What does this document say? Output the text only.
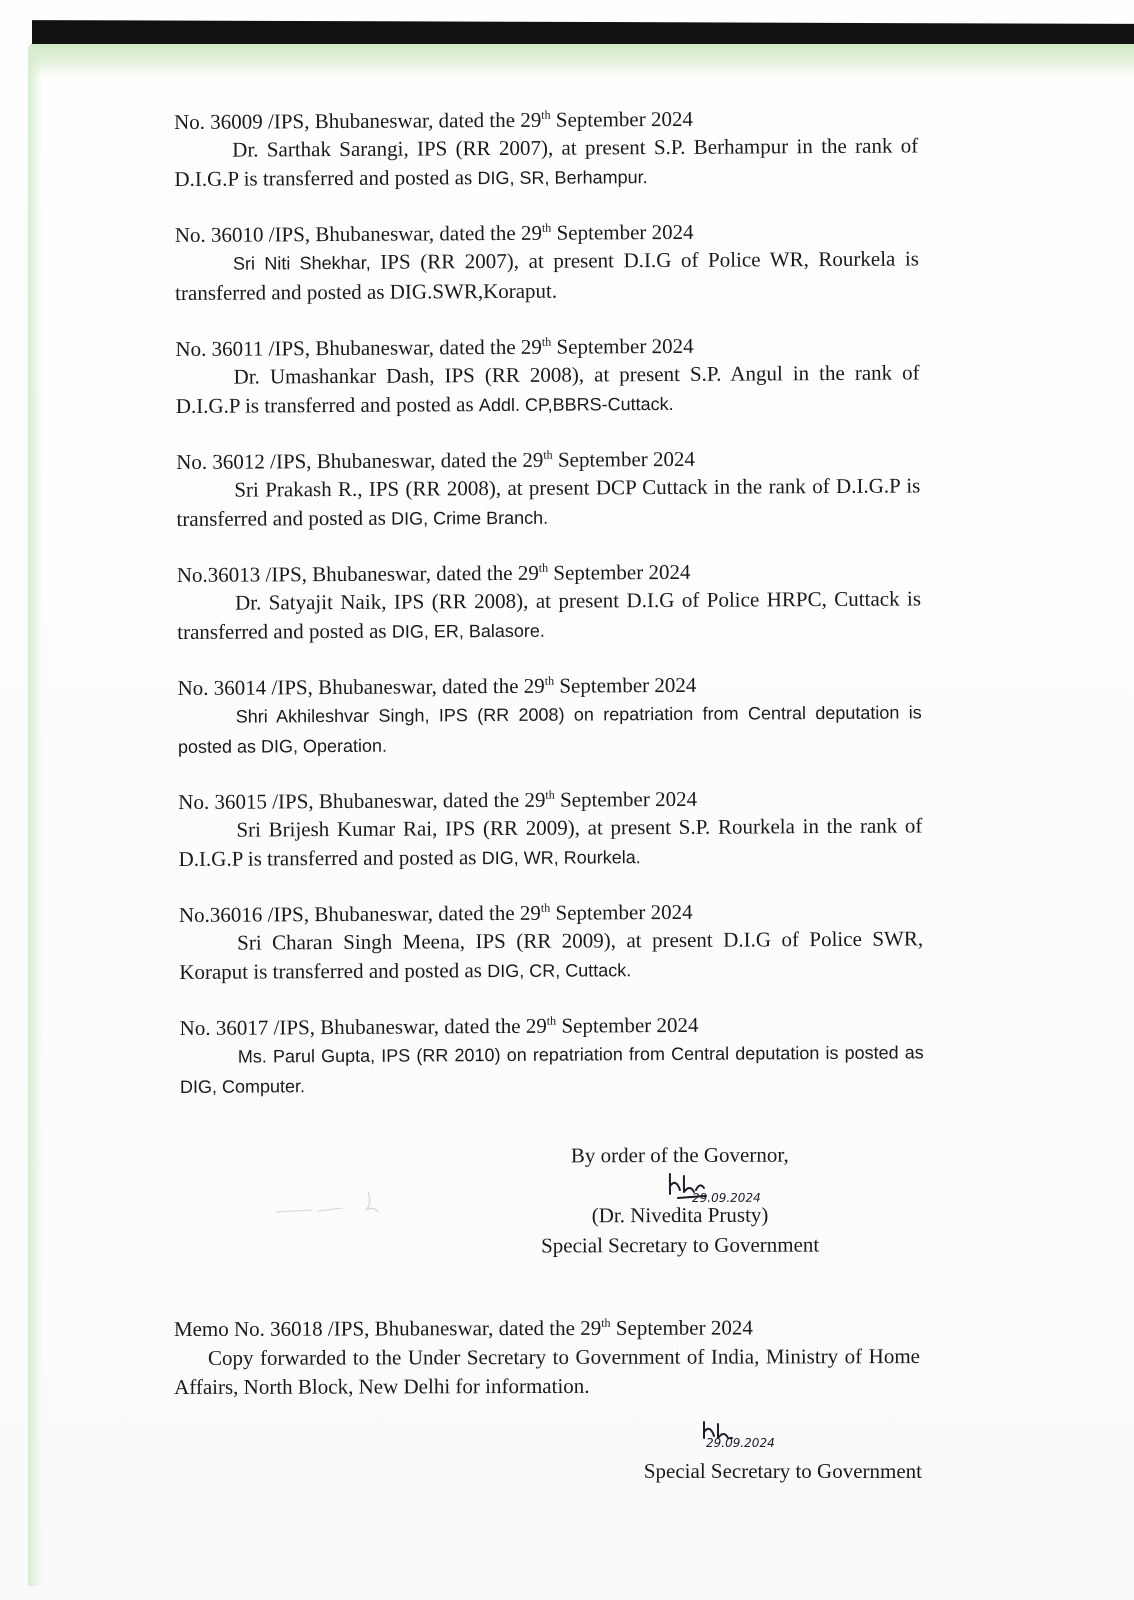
No. 36009 /IPS, Bhubaneswar, dated the 29th September 2024
Dr. Sarthak Sarangi, IPS (RR 2007), at present S.P. Berhampur in the rank of D.I.G.P is transferred and posted as DIG, SR, Berhampur.
No. 36010 /IPS, Bhubaneswar, dated the 29th September 2024
Sri Niti Shekhar, IPS (RR 2007), at present D.I.G of Police WR, Rourkela is transferred and posted as DIG.SWR,Koraput.
No. 36011 /IPS, Bhubaneswar, dated the 29th September 2024
Dr. Umashankar Dash, IPS (RR 2008), at present S.P. Angul in the rank of D.I.G.P is transferred and posted as Addl. CP,BBRS-Cuttack.
No. 36012 /IPS, Bhubaneswar, dated the 29th September 2024
Sri Prakash R., IPS (RR 2008), at present DCP Cuttack in the rank of D.I.G.P is transferred and posted as DIG, Crime Branch.
No.36013 /IPS, Bhubaneswar, dated the 29th September 2024
Dr. Satyajit Naik, IPS (RR 2008), at present D.I.G of Police HRPC, Cuttack is transferred and posted as DIG, ER, Balasore.
No. 36014 /IPS, Bhubaneswar, dated the 29th September 2024
Shri Akhileshvar Singh, IPS (RR 2008) on repatriation from Central deputation is posted as DIG, Operation.
No. 36015 /IPS, Bhubaneswar, dated the 29th September 2024
Sri Brijesh Kumar Rai, IPS (RR 2009), at present S.P. Rourkela in the rank of D.I.G.P is transferred and posted as DIG, WR, Rourkela.
No.36016 /IPS, Bhubaneswar, dated the 29th September 2024
Sri Charan Singh Meena, IPS (RR 2009), at present D.I.G of Police SWR, Koraput is transferred and posted as DIG, CR, Cuttack.
No. 36017 /IPS, Bhubaneswar, dated the 29th September 2024
Ms. Parul Gupta, IPS (RR 2010) on repatriation from Central deputation is posted as DIG, Computer.
By order of the Governor,
29.09.2024
(Dr. Nivedita Prusty)
Special Secretary to Government
Memo No. 36018 /IPS, Bhubaneswar, dated the 29th September 2024
Copy forwarded to the Under Secretary to Government of India, Ministry of Home Affairs, North Block, New Delhi for information.
29.09.2024
Special Secretary to Government
